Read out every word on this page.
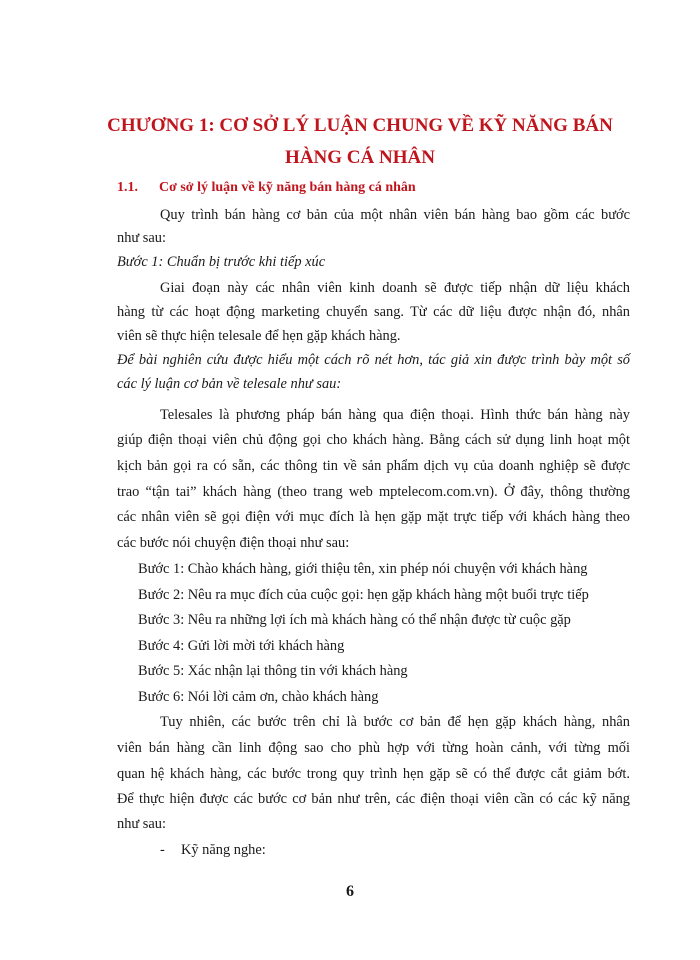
CHƯƠNG 1: CƠ SỞ LÝ LUẬN CHUNG VỀ KỸ NĂNG BÁN
HÀNG CÁ NHÂN
1.1. Cơ sở lý luận về kỹ năng bán hàng cá nhân
Quy trình bán hàng cơ bản của một nhân viên bán hàng bao gồm các bước
như sau:
Bước 1: Chuẩn bị trước khi tiếp xúc
Giai đoạn này các nhân viên kinh doanh sẽ được tiếp nhận dữ liệu khách
hàng từ các hoạt động marketing chuyển sang. Từ các dữ liệu được nhận đó, nhân
viên sẽ thực hiện telesale để hẹn gặp khách hàng.
Để bài nghiên cứu được hiểu một cách rõ nét hơn, tác giả xin được trình bày một số
các lý luận cơ bản về telesale như sau:
Telesales là phương pháp bán hàng qua điện thoại. Hình thức bán hàng này
giúp điện thoại viên chủ động gọi cho khách hàng. Bằng cách sử dụng linh hoạt một
kịch bản gọi ra có sẵn, các thông tin về sản phẩm dịch vụ của doanh nghiệp sẽ được
trao “tận tai” khách hàng (theo trang web mptelecom.com.vn). Ở đây, thông thường
các nhân viên sẽ gọi điện với mục đích là hẹn gặp mặt trực tiếp với khách hàng theo
các bước nói chuyện điện thoại như sau:
Bước 1: Chào khách hàng, giới thiệu tên, xin phép nói chuyện với khách hàng
Bước 2: Nêu ra mục đích của cuộc gọi: hẹn gặp khách hàng một buổi trực tiếp
Bước 3: Nêu ra những lợi ích mà khách hàng có thể nhận được từ cuộc gặp
Bước 4: Gửi lời mời tới khách hàng
Bước 5: Xác nhận lại thông tin với khách hàng
Bước 6: Nói lời cảm ơn, chào khách hàng
Tuy nhiên, các bước trên chỉ là bước cơ bản để hẹn gặp khách hàng, nhân
viên bán hàng cần linh động sao cho phù hợp với từng hoàn cảnh, với từng mối
quan hệ khách hàng, các bước trong quy trình hẹn gặp sẽ có thể được cắt giảm bớt.
Để thực hiện được các bước cơ bản như trên, các điện thoại viên cần có các kỹ năng
như sau:
- Kỹ năng nghe:
6
